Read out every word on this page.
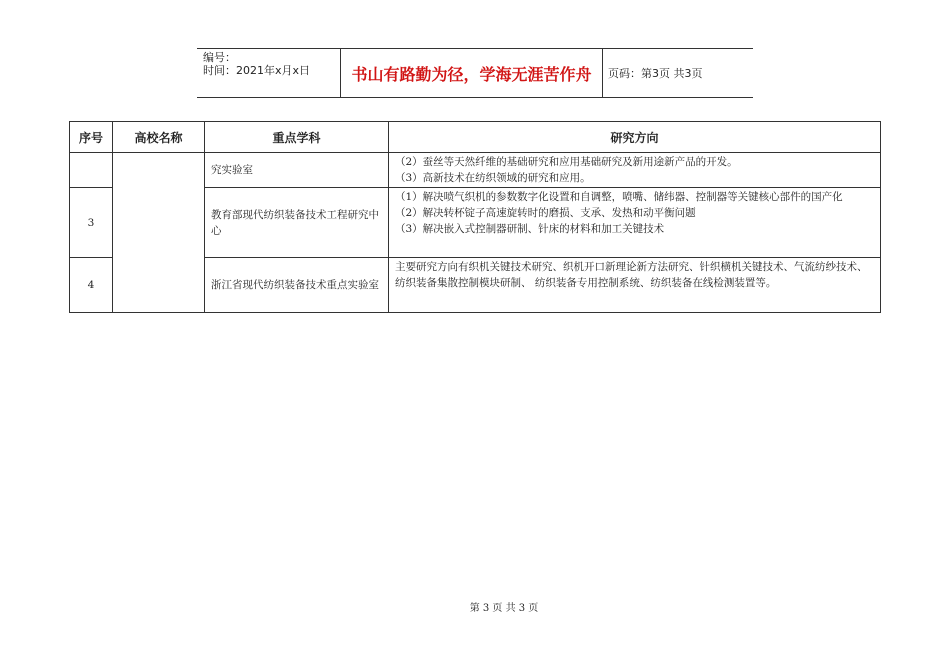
编号：
时间：2021年x月x日	书山有路勤为径，学海无涯苦作舟	页码：第3页 共3页
序号	高校名称	重点学科	研究方向
		究实验室	（2）蚕丝等天然纤维的基础研究和应用基础研究及新用途新产品的开发。
（3）高新技术在纺织领域的研究和应用。

3		教育部现代纺织装备技术工程研究中心	（1）解决喷气织机的参数数字化设置和自调整，喷嘴、储纬器、控制器等关键核心部件的国产化
（2）解决转杯锭子高速旋转时的磨损、支承、发热和动平衡问题
（3）解决嵌入式控制器研制、针床的材料和加工关键技术

4		浙江省现代纺织装备技术重点实验室	主要研究方向有织机关键技术研究、织机开口新理论新方法研究、针织横机关键技术、气流纺纱技术、纺织装备集散控制模块研制、 纺织装备专用控制系统、纺织装备在线检测装置等。
第 3 页 共 3 页
